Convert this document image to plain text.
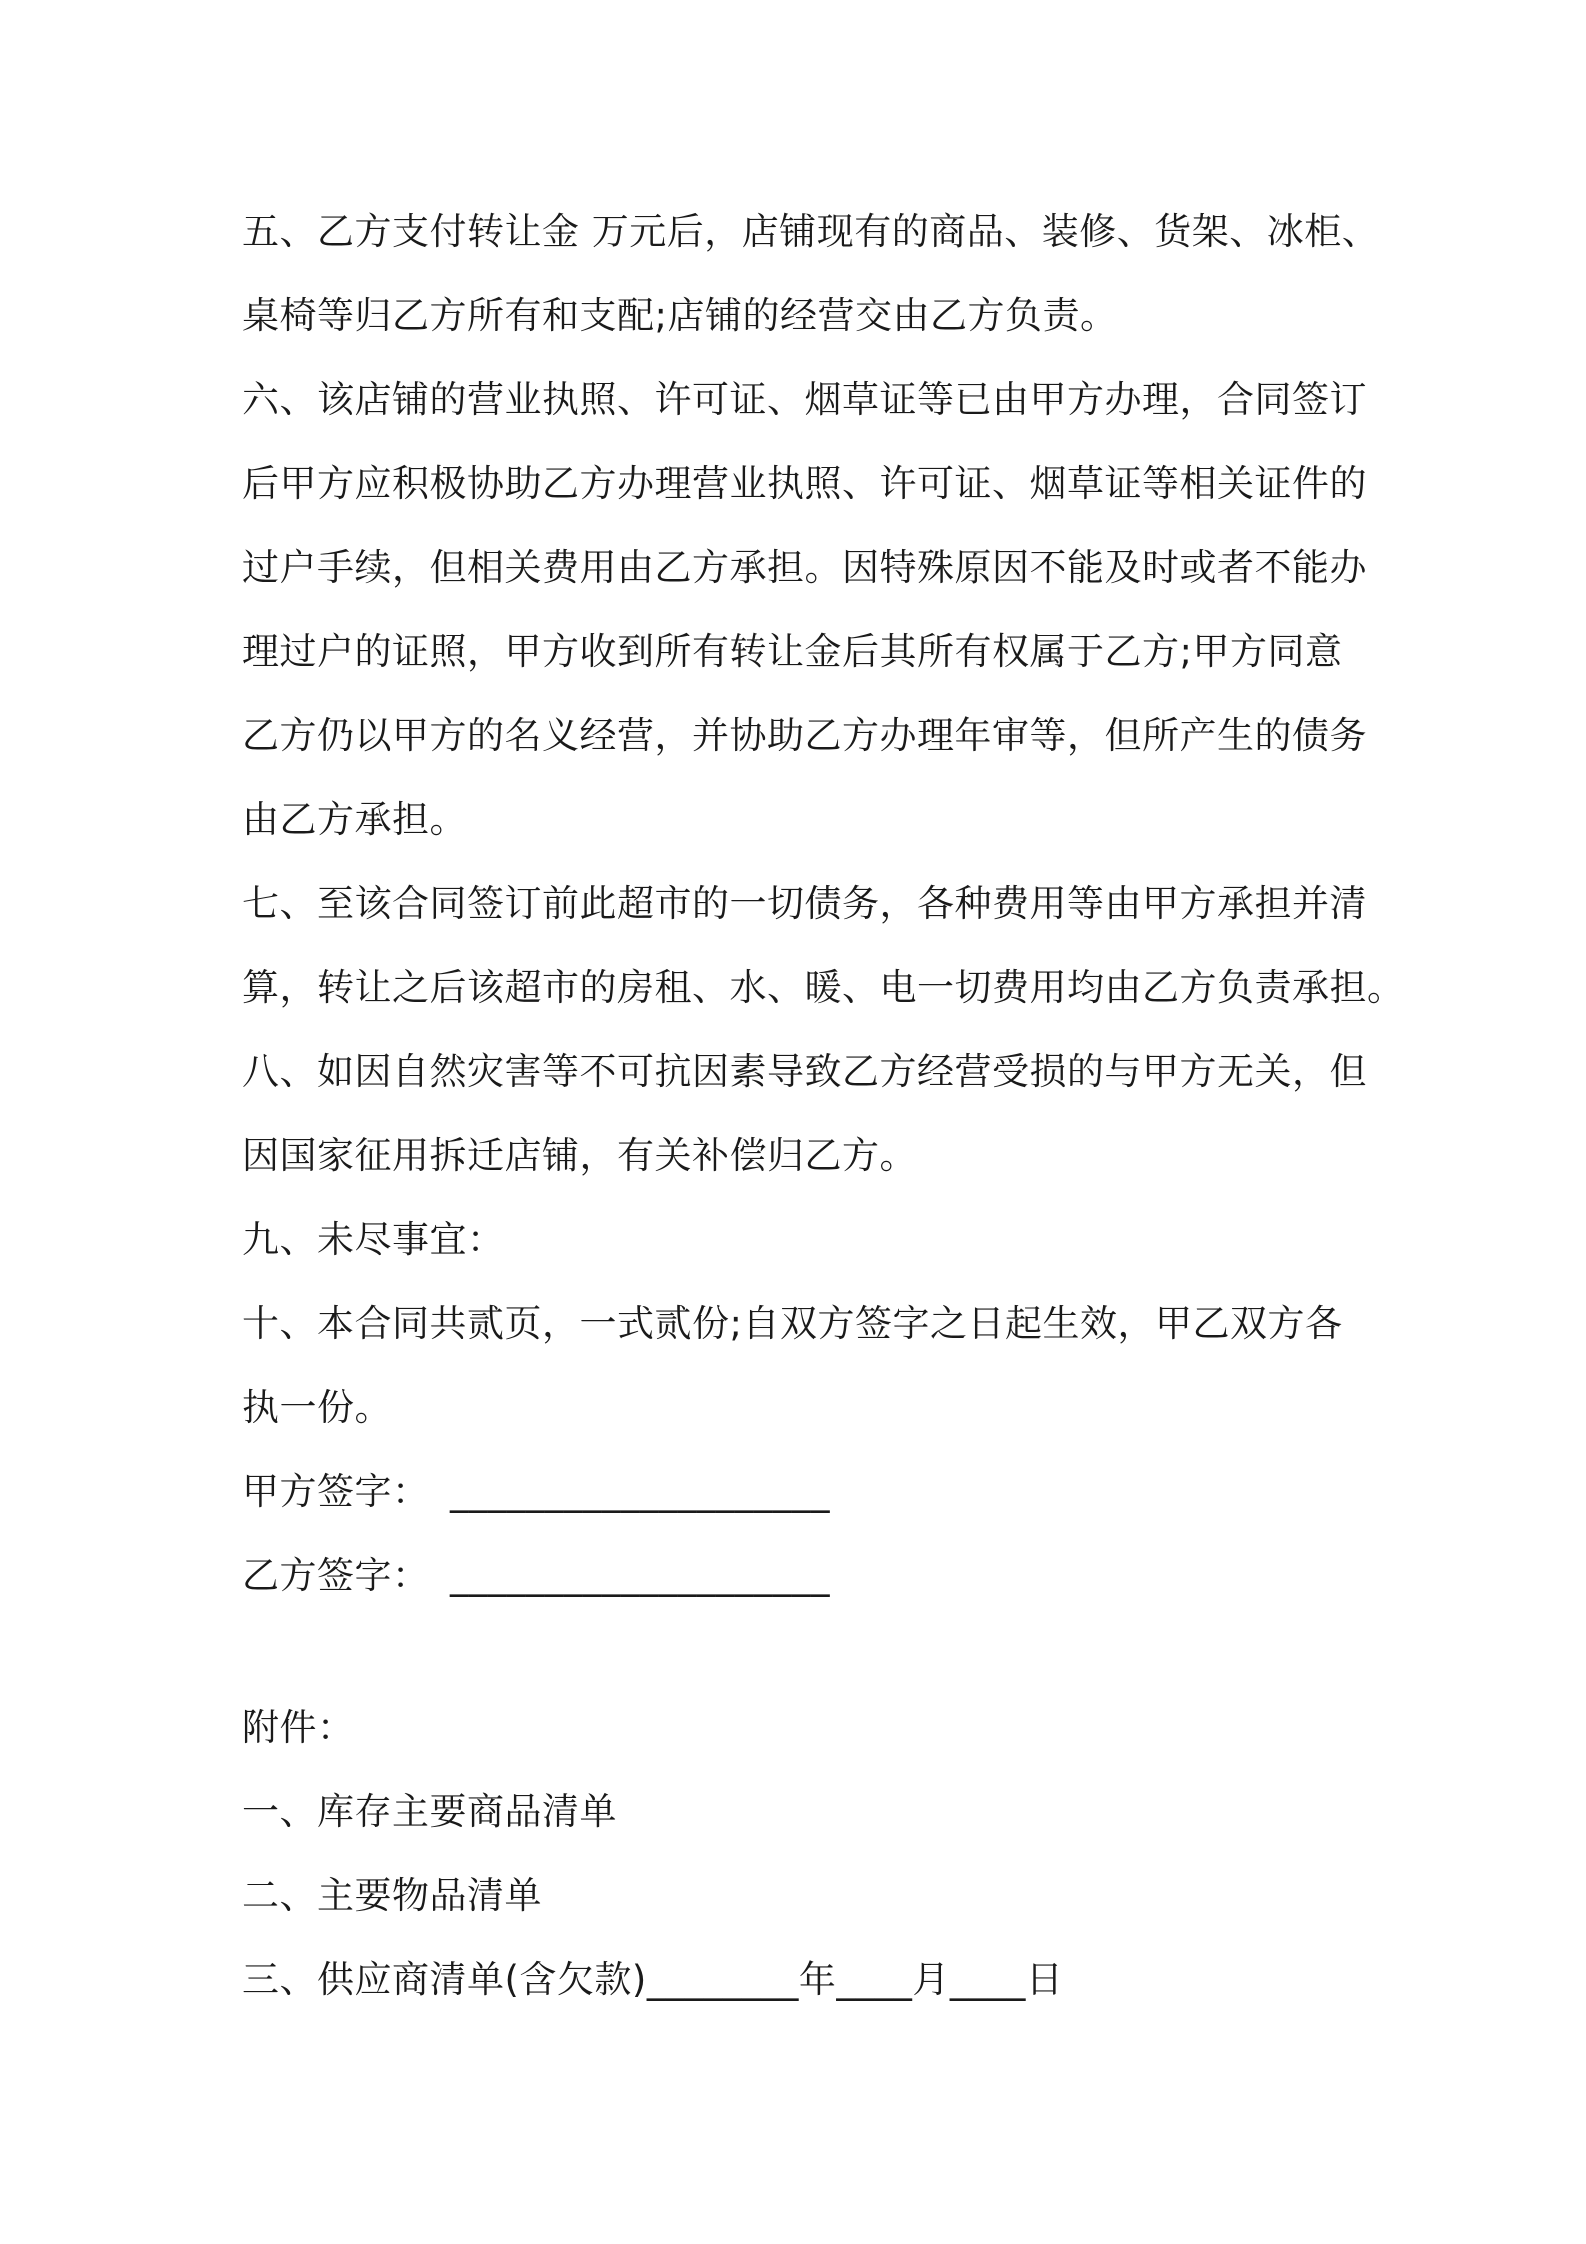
五、乙方支付转让金 万元后，店铺现有的商品、装修、货架、冰柜、
桌椅等归乙方所有和支配;店铺的经营交由乙方负责。
六、该店铺的营业执照、许可证、烟草证等已由甲方办理，合同签订
后甲方应积极协助乙方办理营业执照、许可证、烟草证等相关证件的
过户手续，但相关费用由乙方承担。因特殊原因不能及时或者不能办
理过户的证照，甲方收到所有转让金后其所有权属于乙方;甲方同意
乙方仍以甲方的名义经营，并协助乙方办理年审等，但所产生的债务
由乙方承担。
七、至该合同签订前此超市的一切债务，各种费用等由甲方承担并清
算，转让之后该超市的房租、水、暖、电一切费用均由乙方负责承担。
八、如因自然灾害等不可抗因素导致乙方经营受损的与甲方无关，但
因国家征用拆迁店铺，有关补偿归乙方。
九、未尽事宜：
十、本合同共贰页，一式贰份;自双方签字之日起生效，甲乙双方各
执一份。
甲方签字： ____________________
乙方签字： ____________________
附件：
一、库存主要商品清单
二、主要物品清单
三、供应商清单(含欠款)________年____月____日
